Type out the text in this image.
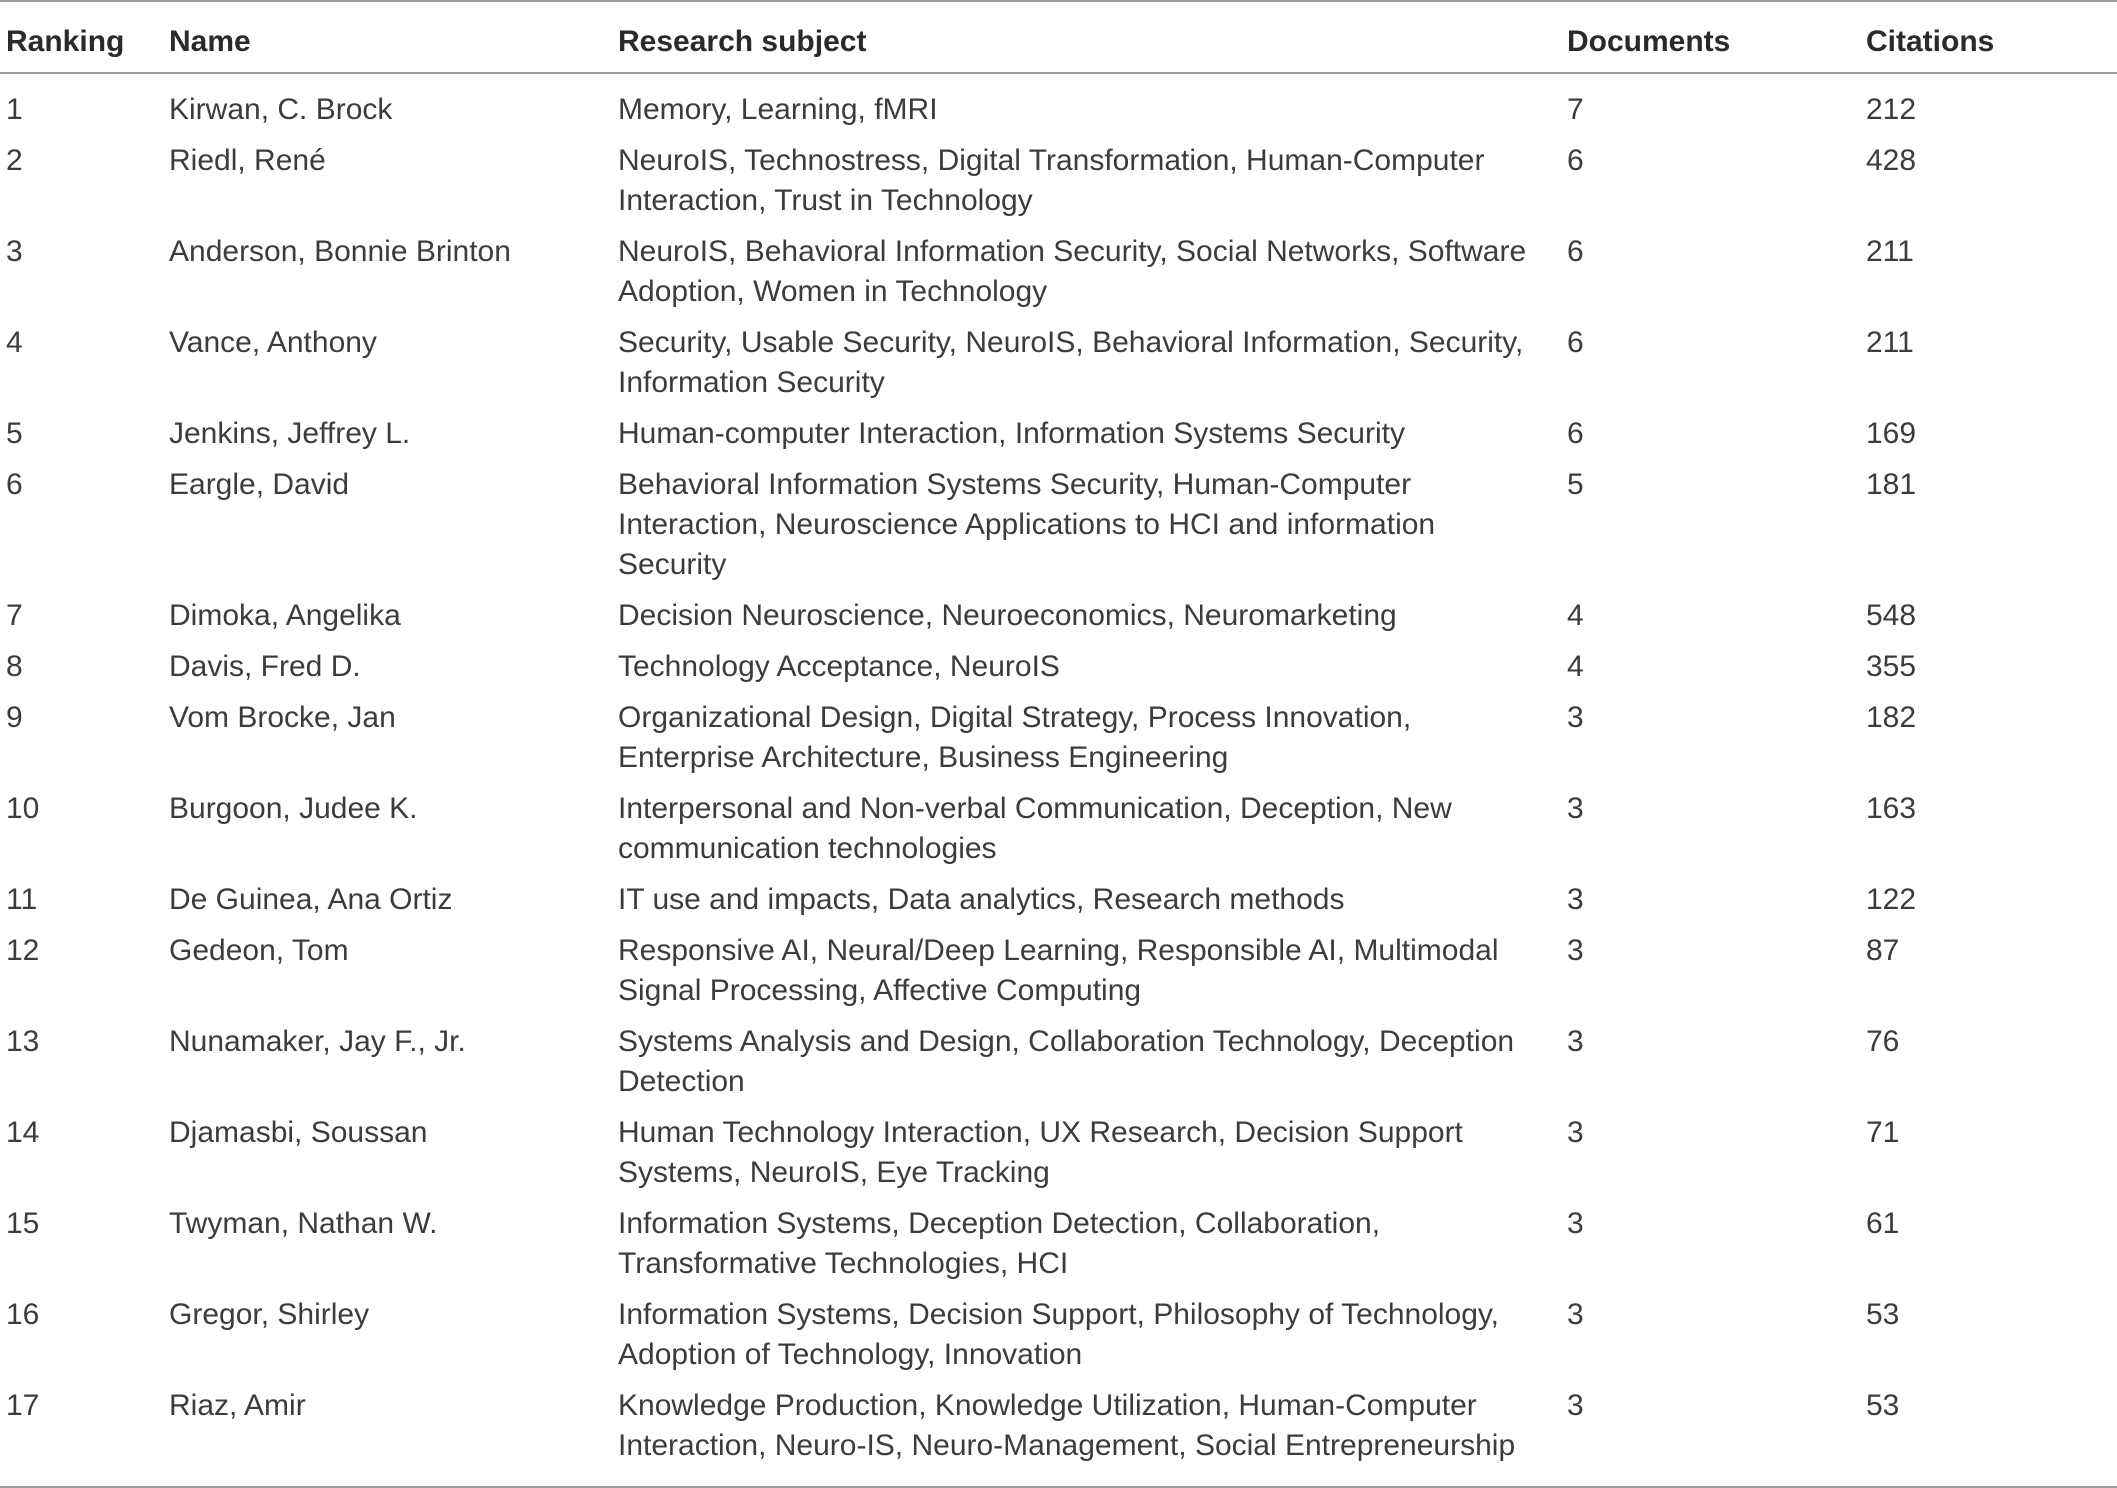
Ranking	Name	Research subject	Documents	Citations
1	Kirwan, C. Brock	Memory, Learning, fMRI	7	212
2	Riedl, René	NeuroIS, Technostress, Digital Transformation, Human-Computer Interaction, Trust in Technology	6	428
3	Anderson, Bonnie Brinton	NeuroIS, Behavioral Information Security, Social Networks, Software Adoption, Women in Technology	6	211
4	Vance, Anthony	Security, Usable Security, NeuroIS, Behavioral Information, Security, Information Security	6	211
5	Jenkins, Jeffrey L.	Human-computer Interaction, Information Systems Security	6	169
6	Eargle, David	Behavioral Information Systems Security, Human-Computer Interaction, Neuroscience Applications to HCI and information Security	5	181
7	Dimoka, Angelika	Decision Neuroscience, Neuroeconomics, Neuromarketing	4	548
8	Davis, Fred D.	Technology Acceptance, NeuroIS	4	355
9	Vom Brocke, Jan	Organizational Design, Digital Strategy, Process Innovation, Enterprise Architecture, Business Engineering	3	182
10	Burgoon, Judee K.	Interpersonal and Non-verbal Communication, Deception, New communication technologies	3	163
11	De Guinea, Ana Ortiz	IT use and impacts, Data analytics, Research methods	3	122
12	Gedeon, Tom	Responsive AI, Neural/Deep Learning, Responsible AI, Multimodal Signal Processing, Affective Computing	3	87
13	Nunamaker, Jay F., Jr.	Systems Analysis and Design, Collaboration Technology, Deception Detection	3	76
14	Djamasbi, Soussan	Human Technology Interaction, UX Research, Decision Support Systems, NeuroIS, Eye Tracking	3	71
15	Twyman, Nathan W.	Information Systems, Deception Detection, Collaboration, Transformative Technologies, HCI	3	61
16	Gregor, Shirley	Information Systems, Decision Support, Philosophy of Technology, Adoption of Technology, Innovation	3	53
17	Riaz, Amir	Knowledge Production, Knowledge Utilization, Human-Computer Interaction, Neuro-IS, Neuro-Management, Social Entrepreneurship	3	53
